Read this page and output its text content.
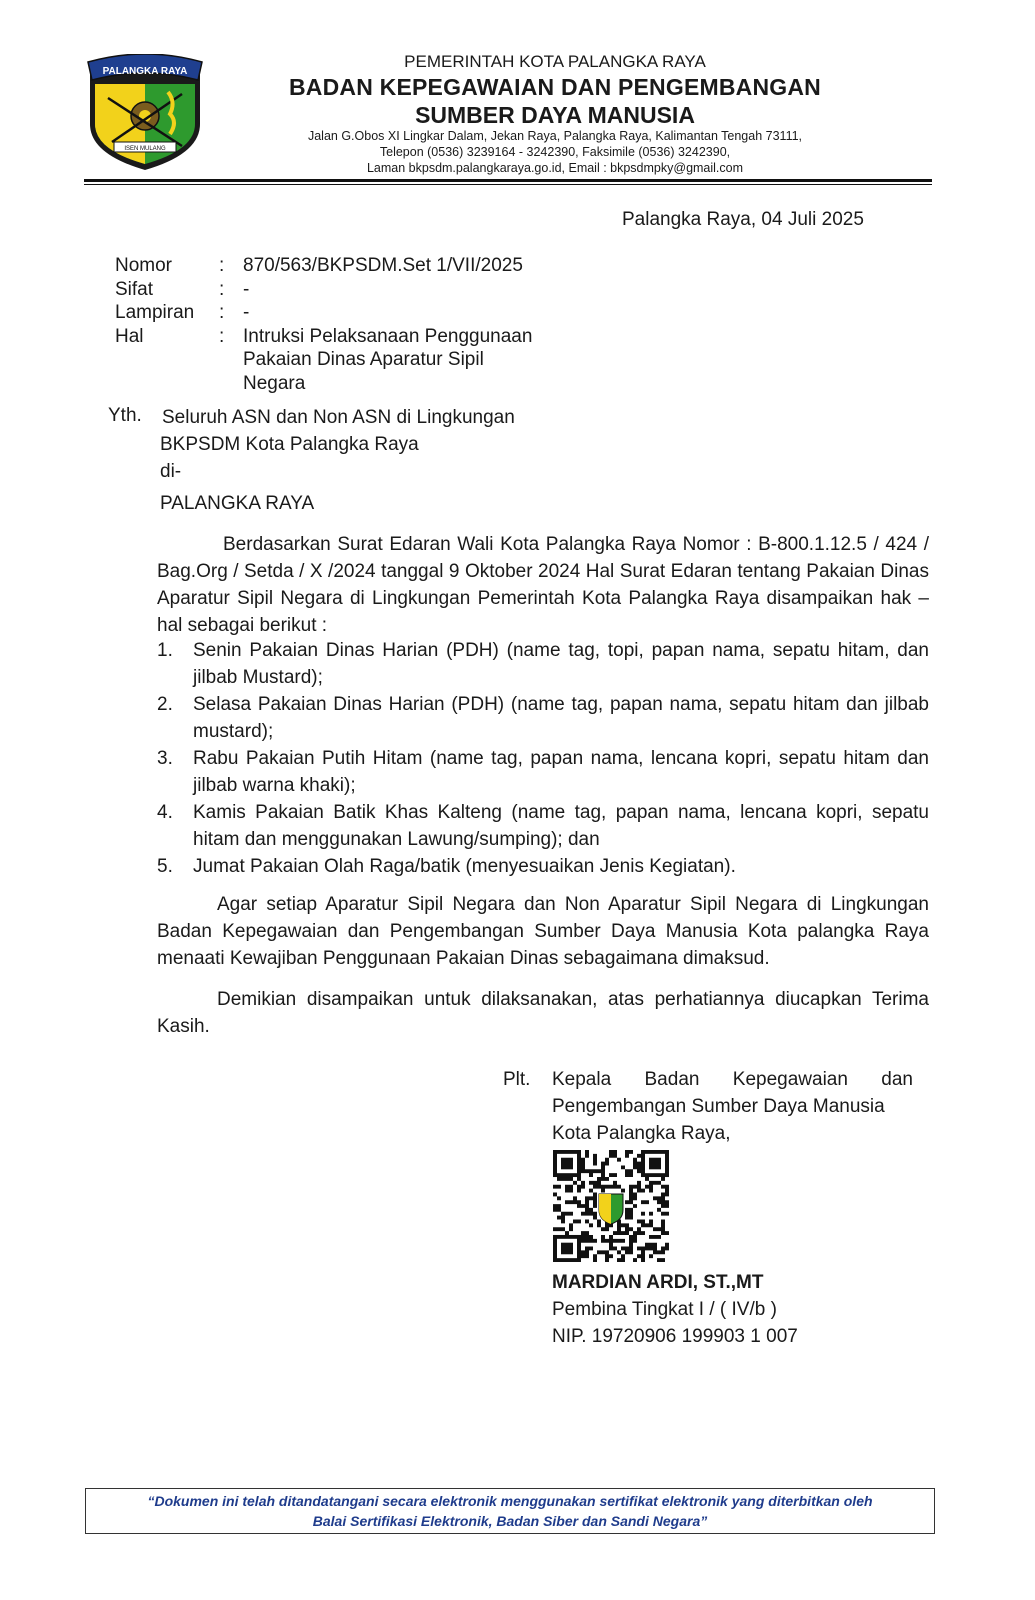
PALANGKA RAYA
ISEN MULANG
PEMERINTAH KOTA PALANGKA RAYA
BADAN KEPEGAWAIAN DAN PENGEMBANGAN
SUMBER DAYA MANUSIA
Jalan G.Obos XI Lingkar Dalam, Jekan Raya, Palangka Raya, Kalimantan Tengah 73111,
Telepon (0536) 3239164 - 3242390, Faksimile (0536) 3242390,
Laman bkpsdm.palangkaraya.go.id, Email : bkpsdmpky@gmail.com
Palangka Raya, 04 Juli 2025
Nomor	:	870/563/BKPSDM.Set 1/VII/2025
Sifat	:	-
Lampiran	:	-
Hal	:	Intruksi Pelaksanaan Penggunaan
Pakaian Dinas Aparatur Sipil
Negara
Yth. Seluruh ASN dan Non ASN di Lingkungan
BKPSDM Kota Palangka Raya
di-
PALANGKA RAYA
Berdasarkan Surat Edaran Wali Kota Palangka Raya Nomor : B-800.1.12.5 / 424 / Bag.Org / Setda / X /2024 tanggal 9 Oktober 2024 Hal Surat Edaran tentang Pakaian Dinas Aparatur Sipil Negara di Lingkungan Pemerintah Kota Palangka Raya disampaikan hak – hal sebagai berikut :
1.	Senin Pakaian Dinas Harian (PDH) (name tag, topi, papan nama, sepatu hitam, dan jilbab Mustard);
2.	Selasa Pakaian Dinas Harian (PDH) (name tag, papan nama, sepatu hitam dan jilbab mustard);
3.	Rabu Pakaian Putih Hitam (name tag, papan nama, lencana kopri, sepatu hitam dan jilbab warna khaki);
4.	Kamis Pakaian Batik Khas Kalteng (name tag, papan nama, lencana kopri, sepatu hitam dan menggunakan Lawung/sumping); dan
5.	Jumat Pakaian Olah Raga/batik (menyesuaikan Jenis Kegiatan).
Agar setiap Aparatur Sipil Negara dan Non Aparatur Sipil Negara di Lingkungan Badan Kepegawaian dan Pengembangan Sumber Daya Manusia Kota palangka Raya menaati Kewajiban Penggunaan Pakaian Dinas sebagaimana dimaksud.
Demikian disampaikan untuk dilaksanakan, atas perhatiannya diucapkan Terima Kasih.
Plt.	Kepala Badan Kepegawaian dan
Pengembangan Sumber Daya Manusia
Kota Palangka Raya,
MARDIAN ARDI, ST.,MT
Pembina Tingkat I / ( IV/b )
NIP. 19720906 199903 1 007
“Dokumen ini telah ditandatangani secara elektronik menggunakan sertifikat elektronik yang diterbitkan oleh
Balai Sertifikasi Elektronik, Badan Siber dan Sandi Negara”
